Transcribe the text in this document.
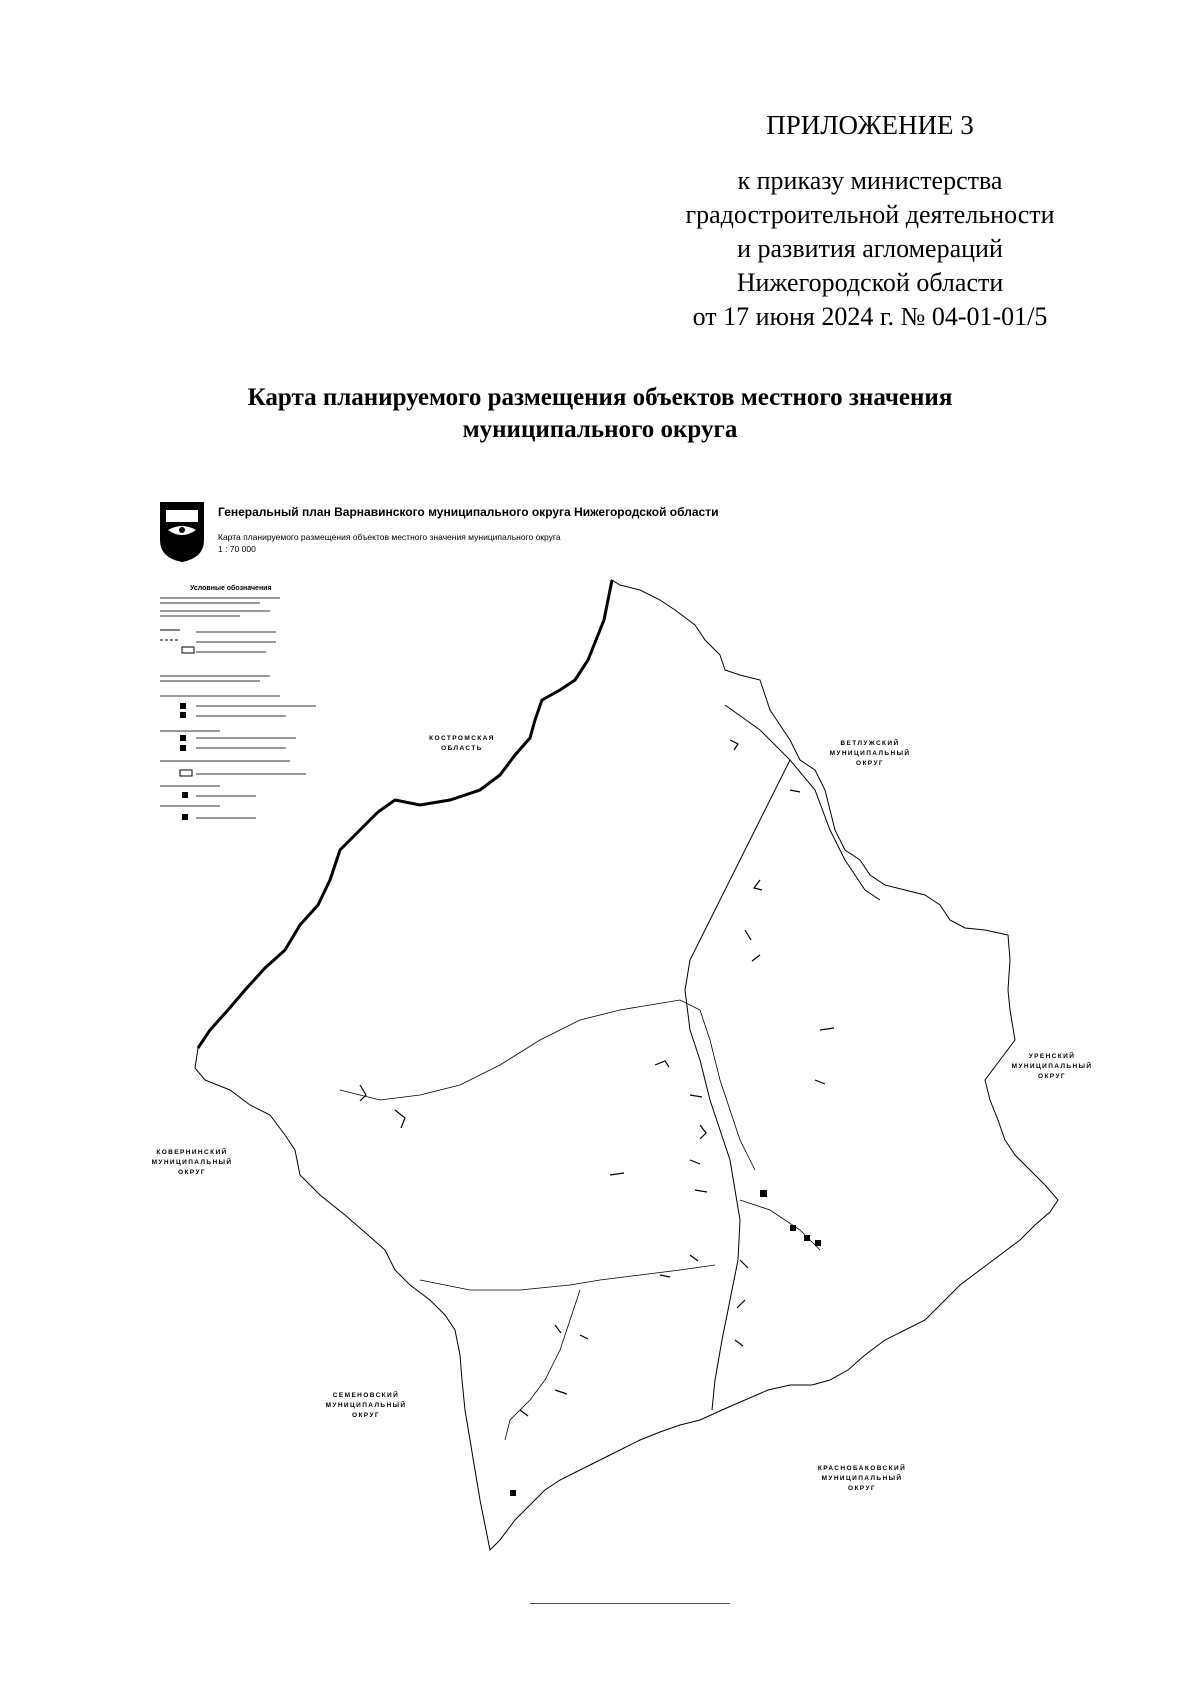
ПРИЛОЖЕНИЕ 3
к приказу министерства
градостроительной деятельности
и развития агломераций
Нижегородской области
от 17 июня 2024 г. № 04-01-01/5
Карта планируемого размещения объектов местного значения
муниципального округа
Генеральный план Варнавинского муниципального округа Нижегородской области
Карта планируемого размещения объектов местного значения муниципального округа
1 : 70 000
Условные обозначения
КОСТРОМСКАЯ
ОБЛАСТЬ
ВЕТЛУЖСКИЙ
МУНИЦИПАЛЬНЫЙ
ОКРУГ
УРЕНСКИЙ
МУНИЦИПАЛЬНЫЙ
ОКРУГ
КОВЕРНИНСКИЙ
МУНИЦИПАЛЬНЫЙ
ОКРУГ
СЕМЕНОВСКИЙ
МУНИЦИПАЛЬНЫЙ
ОКРУГ
КРАСНОБАКОВСКИЙ
МУНИЦИПАЛЬНЫЙ
ОКРУГ
